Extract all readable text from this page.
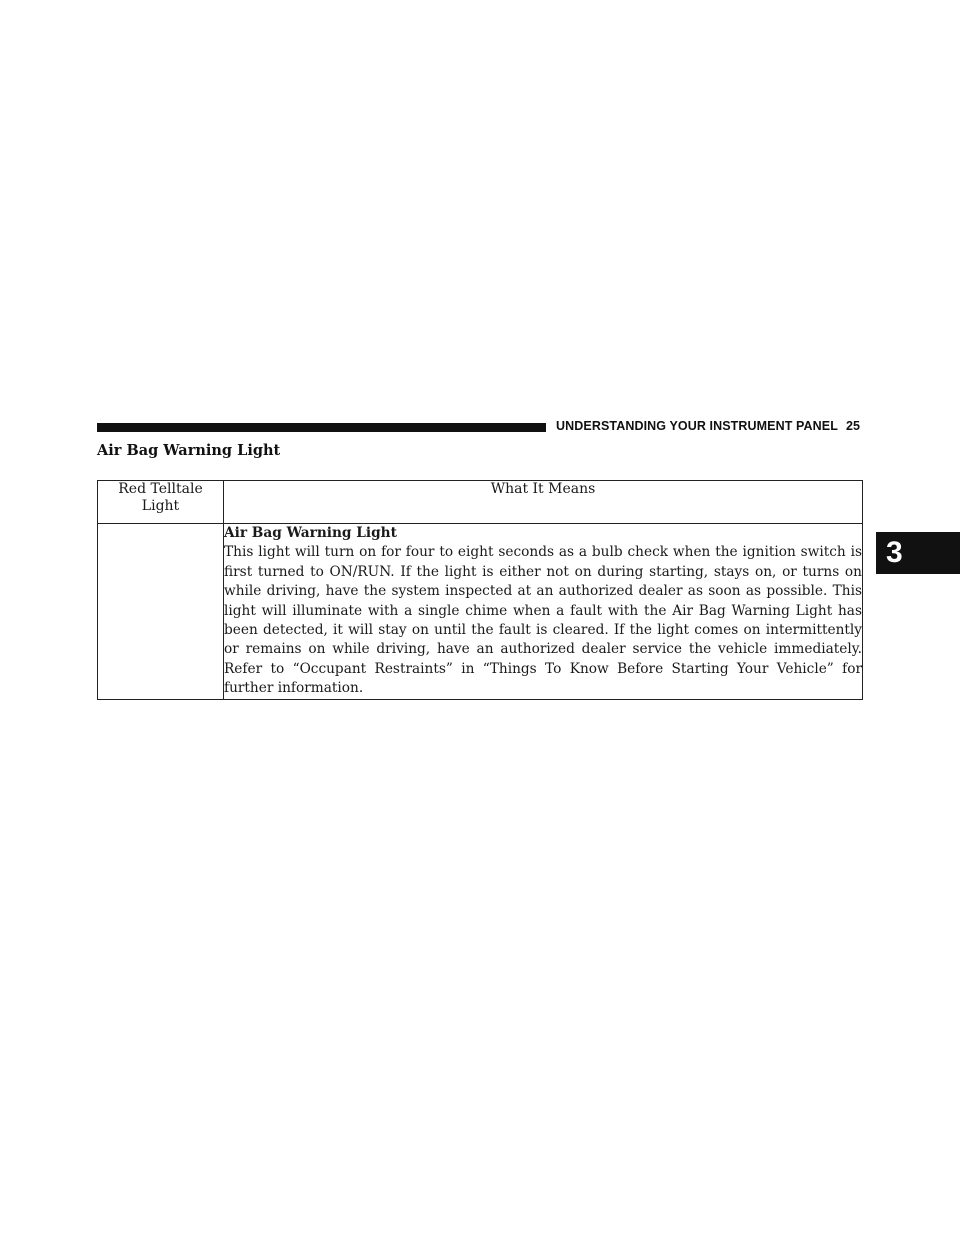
UNDERSTANDING YOUR INSTRUMENT PANEL 25
Air Bag Warning Light
Red Telltale Light	What It Means

	Air Bag Warning Light
This light will turn on for four to eight seconds as a bulb check when the ignition switch is first turned to ON/RUN. If the light is either not on during starting, stays on, or turns on while driving, have the system inspected at an authorized dealer as soon as possible. This light will illuminate with a single chime when a fault with the Air Bag Warning Light has been detected, it will stay on until the fault is cleared. If the light comes on intermittently or remains on while driving, have an authorized dealer service the vehicle immediately. Refer to “Occupant Restraints” in “Things To Know Before Starting Your Vehicle” for further information.
3
